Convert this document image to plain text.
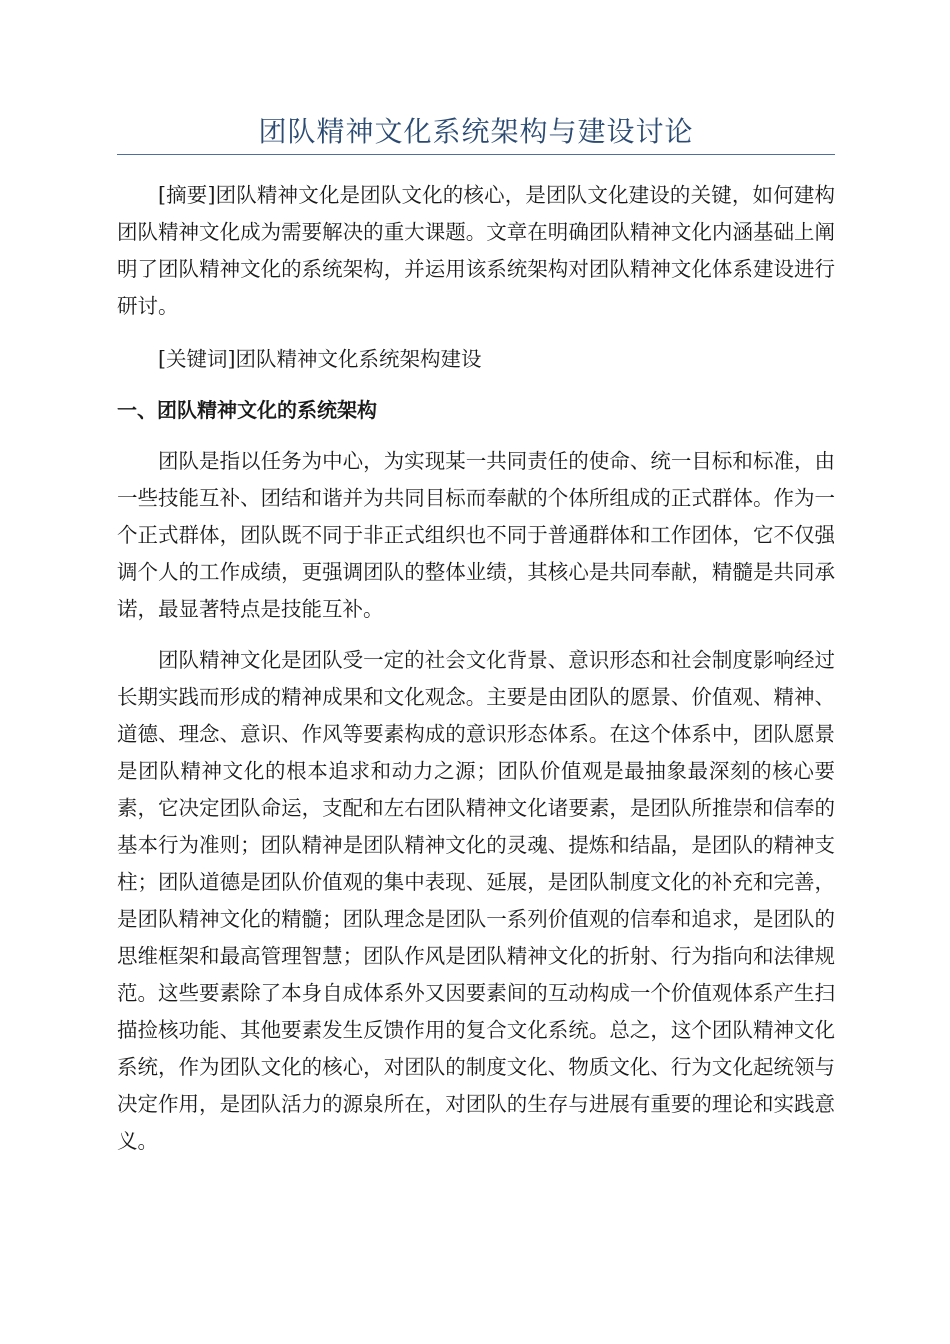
团队精神文化系统架构与建设讨论

[摘要]团队精神文化是团队文化的核心，是团队文化建设的关键，如何建构团队精神文化成为需要解决的重大课题。文章在明确团队精神文化内涵基础上阐明了团队精神文化的系统架构，并运用该系统架构对团队精神文化体系建设进行研讨。

[关键词]团队精神文化系统架构建设

一、团队精神文化的系统架构

团队是指以任务为中心，为实现某一共同责任的使命、统一目标和标准，由一些技能互补、团结和谐并为共同目标而奉献的个体所组成的正式群体。作为一个正式群体，团队既不同于非正式组织也不同于普通群体和工作团体，它不仅强调个人的工作成绩，更强调团队的整体业绩，其核心是共同奉献，精髓是共同承诺，最显著特点是技能互补。

团队精神文化是团队受一定的社会文化背景、意识形态和社会制度影响经过长期实践而形成的精神成果和文化观念。主要是由团队的愿景、价值观、精神、道德、理念、意识、作风等要素构成的意识形态体系。在这个体系中，团队愿景是团队精神文化的根本追求和动力之源；团队价值观是最抽象最深刻的核心要素，它决定团队命运，支配和左右团队精神文化诸要素，是团队所推崇和信奉的基本行为准则；团队精神是团队精神文化的灵魂、提炼和结晶，是团队的精神支柱；团队道德是团队价值观的集中表现、延展，是团队制度文化的补充和完善，是团队精神文化的精髓；团队理念是团队一系列价值观的信奉和追求，是团队的思维框架和最高管理智慧；团队作风是团队精神文化的折射、行为指向和法律规范。这些要素除了本身自成体系外又因要素间的互动构成一个价值观体系产生扫描捡核功能、其他要素发生反馈作用的复合文化系统。总之，这个团队精神文化系统，作为团队文化的核心，对团队的制度文化、物质文化、行为文化起统领与决定作用，是团队活力的源泉所在，对团队的生存与进展有重要的理论和实践意义。
